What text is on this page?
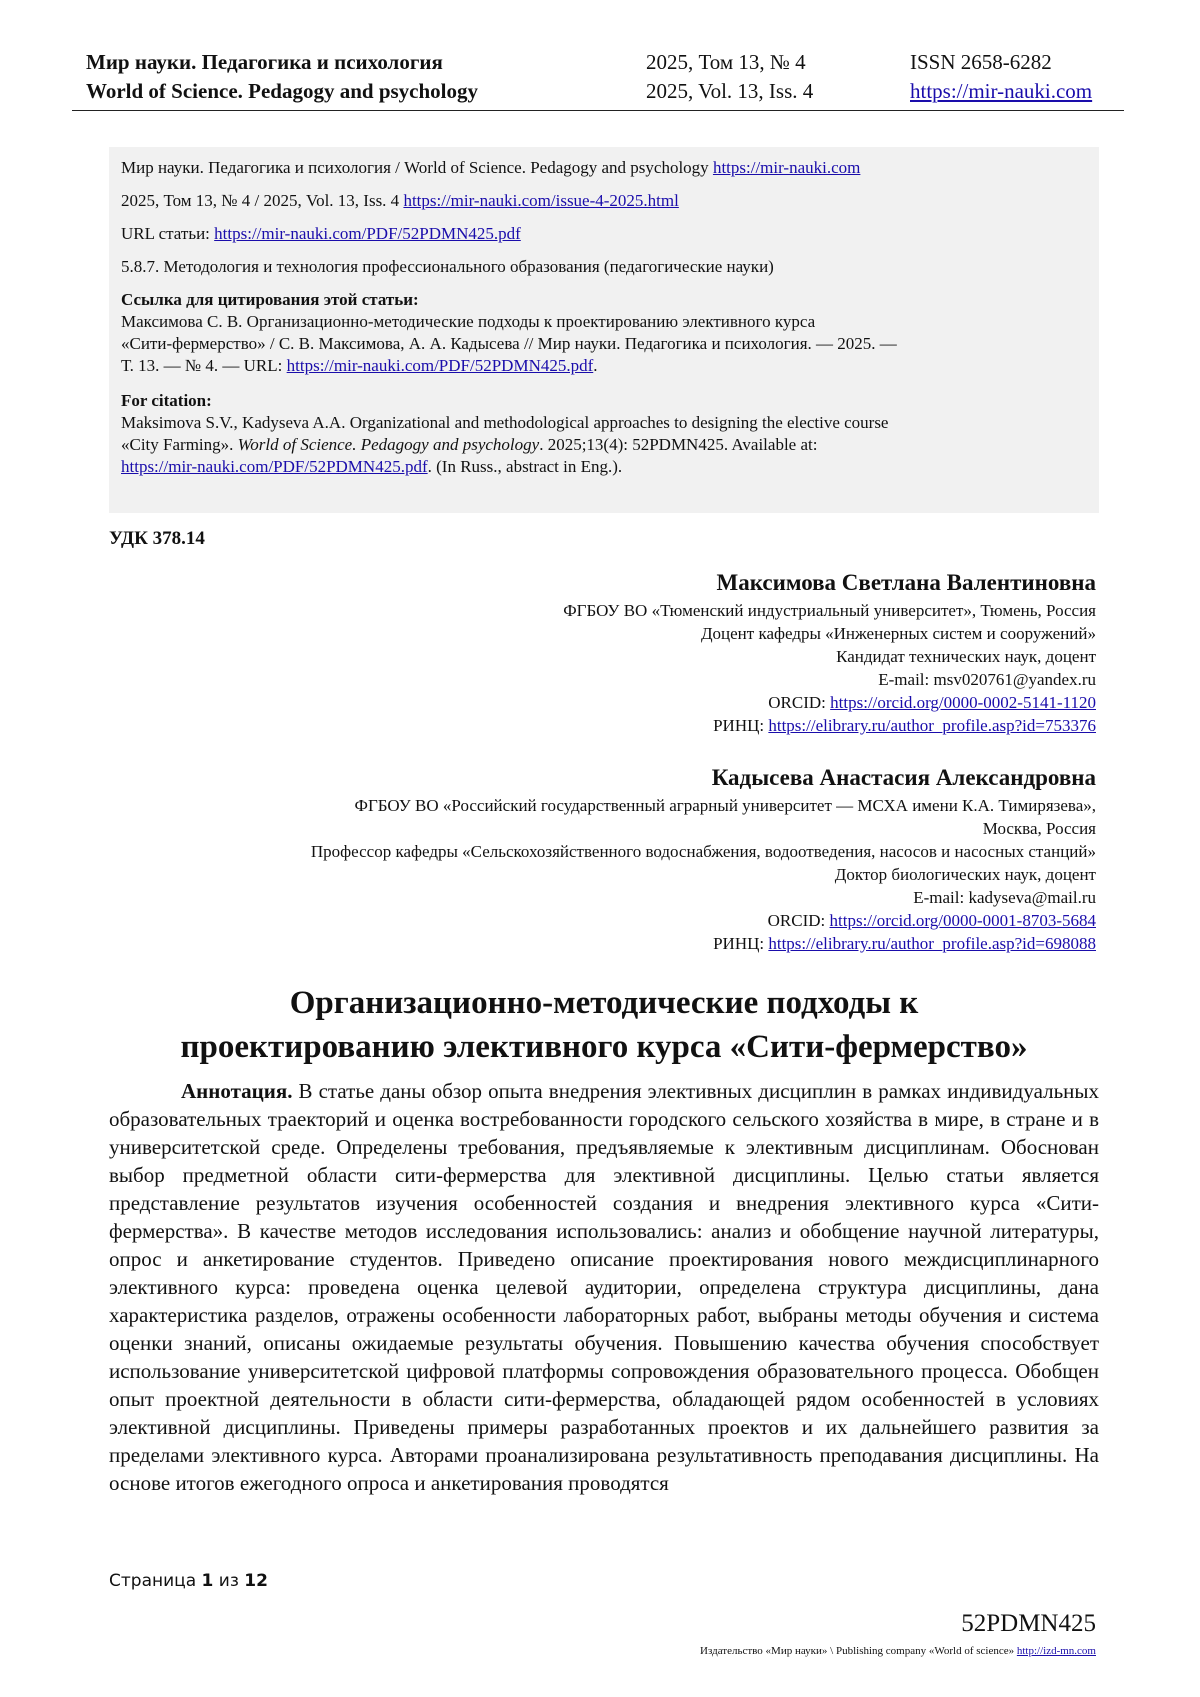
Мир науки. Педагогика и психология
World of Science. Pedagogy and psychology
2025, Том 13, № 4
2025, Vol. 13, Iss. 4
ISSN 2658-6282
https://mir-nauki.com

Мир науки. Педагогика и психология / World of Science. Pedagogy and psychology https://mir-nauki.com

2025, Том 13, № 4 / 2025, Vol. 13, Iss. 4 https://mir-nauki.com/issue-4-2025.html

URL статьи: https://mir-nauki.com/PDF/52PDMN425.pdf

5.8.7. Методология и технология профессионального образования (педагогические науки)

Ссылка для цитирования этой статьи:
Максимова С. В. Организационно-методические подходы к проектированию элективного курса
«Сити-фермерство» / С. В. Максимова, А. А. Кадысева // Мир науки. Педагогика и психология. — 2025. —
Т. 13. — № 4. — URL: https://mir-nauki.com/PDF/52PDMN425.pdf.

For citation:
Maksimova S.V., Kadyseva A.A. Organizational and methodological approaches to designing the elective course
«City Farming». World of Science. Pedagogy and psychology. 2025;13(4): 52PDMN425. Available at:
https://mir-nauki.com/PDF/52PDMN425.pdf. (In Russ., abstract in Eng.).

УДК 378.14
Максимова Светлана Валентиновна
ФГБОУ ВО «Тюменский индустриальный университет», Тюмень, Россия
Доцент кафедры «Инженерных систем и сооружений»
Кандидат технических наук, доцент
E-mail: msv020761@yandex.ru
ORCID: https://orcid.org/0000-0002-5141-1120
РИНЦ: https://elibrary.ru/author_profile.asp?id=753376
Кадысева Анастасия Александровна
ФГБОУ ВО «Российский государственный аграрный университет — МСХА имени К.А. Тимирязева»,
Москва, Россия
Профессор кафедры «Сельскохозяйственного водоснабжения, водоотведения, насосов и насосных станций»
Доктор биологических наук, доцент
E-mail: kadyseva@mail.ru
ORCID: https://orcid.org/0000-0001-8703-5684
РИНЦ: https://elibrary.ru/author_profile.asp?id=698088
Организационно-методические подходы к
проектированию элективного курса «Сити-фермерство»
Аннотация. В статье даны обзор опыта внедрения элективных дисциплин в рамках индивидуальных образовательных траекторий и оценка востребованности городского сельского хозяйства в мире, в стране и в университетской среде. Определены требования, предъявляемые к элективным дисциплинам. Обоснован выбор предметной области сити-фермерства для элективной дисциплины. Целью статьи является представление результатов изучения особенностей создания и внедрения элективного курса «Сити-фермерства». В качестве методов исследования использовались: анализ и обобщение научной литературы, опрос и анкетирование студентов. Приведено описание проектирования нового междисциплинарного элективного курса: проведена оценка целевой аудитории, определена структура дисциплины, дана характеристика разделов, отражены особенности лабораторных работ, выбраны методы обучения и система оценки знаний, описаны ожидаемые результаты обучения. Повышению качества обучения способствует использование университетской цифровой платформы сопровождения образовательного процесса. Обобщен опыт проектной деятельности в области сити-фермерства, обладающей рядом особенностей в условиях элективной дисциплины. Приведены примеры разработанных проектов и их дальнейшего развития за пределами элективного курса. Авторами проанализирована результативность преподавания дисциплины. На основе итогов ежегодного опроса и анкетирования проводятся
Страница 1 из 12
52PDMN425
Издательство «Мир науки» \ Publishing company «World of science» http://izd-mn.com
